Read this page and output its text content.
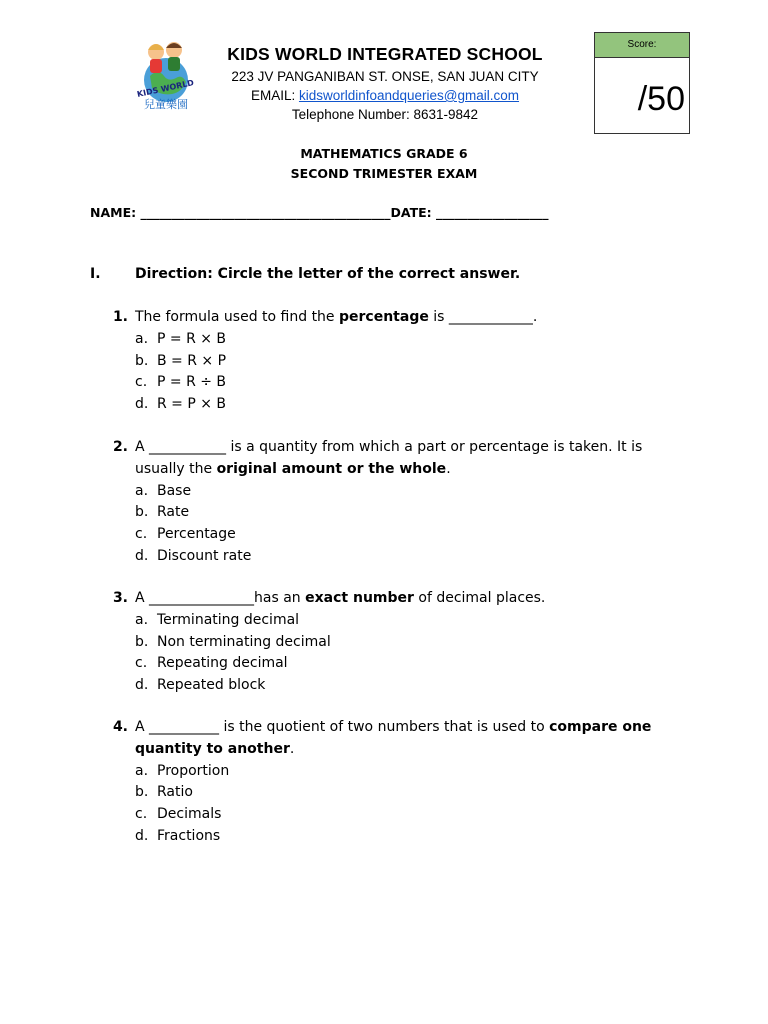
KIDS WORLD
兒童樂園
KIDS WORLD INTEGRATED SCHOOL
223 JV PANGANIBAN ST. ONSE, SAN JUAN CITY
EMAIL: kidsworldinfoandqueries@gmail.com
Telephone Number: 8631-9842
Score:
/50
MATHEMATICS GRADE 6
SECOND TRIMESTER EXAM
NAME: ________________________________________DATE: __________________
I. Direction: Circle the letter of the correct answer.
1. The formula used to find the percentage is ____________.
a. P = R × B
b. B = R × P
c. P = R ÷ B
d. R = P × B
2. A ___________ is a quantity from which a part or percentage is taken. It is
usually the original amount or the whole.
a. Base
b. Rate
c. Percentage
d. Discount rate
3. A _______________has an exact number of decimal places.
a. Terminating decimal
b. Non terminating decimal
c. Repeating decimal
d. Repeated block
4. A __________ is the quotient of two numbers that is used to compare one
quantity to another.
a. Proportion
b. Ratio
c. Decimals
d. Fractions
